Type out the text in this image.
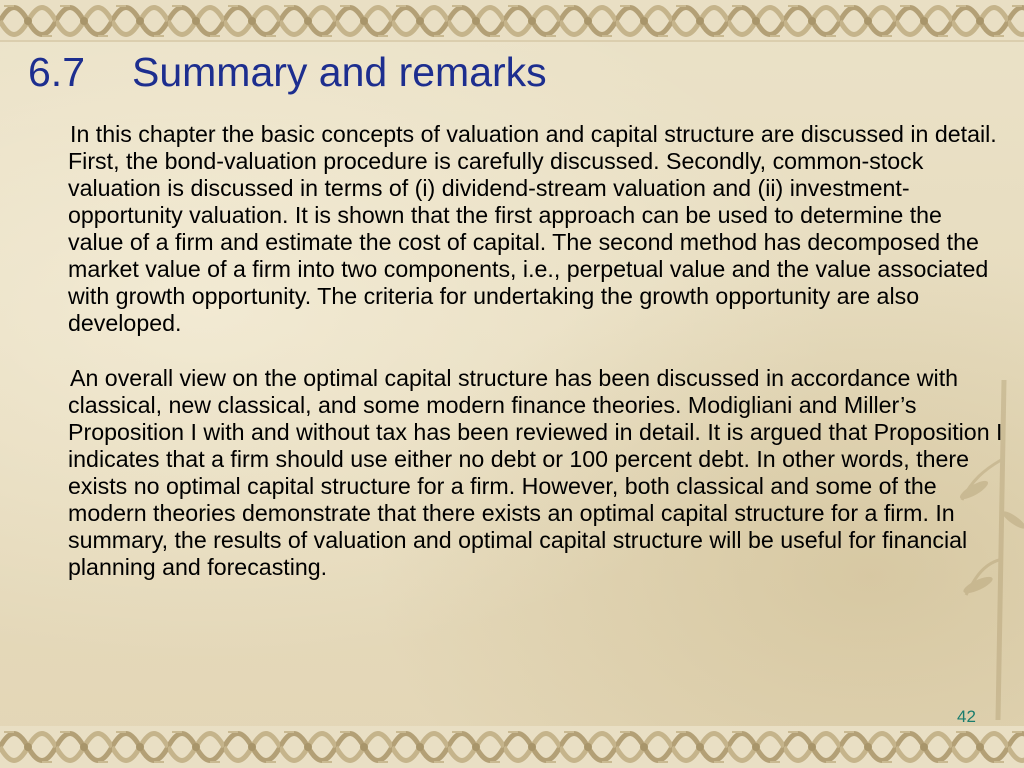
6.7 Summary and remarks

In this chapter the basic concepts of valuation and capital structure are discussed in detail. First, the bond-valuation procedure is carefully discussed. Secondly, common-stock valuation is discussed in terms of (i) dividend-stream valuation and (ii) investment-opportunity valuation. It is shown that the first approach can be used to determine the value of a firm and estimate the cost of capital. The second method has decomposed the market value of a firm into two components, i.e., perpetual value and the value associated with growth opportunity. The criteria for undertaking the growth opportunity are also developed.

An overall view on the optimal capital structure has been discussed in accordance with classical, new classical, and some modern finance theories. Modigliani and Miller’s Proposition I with and without tax has been reviewed in detail. It is argued that Proposition I indicates that a firm should use either no debt or 100 percent debt. In other words, there exists no optimal capital structure for a firm. However, both classical and some of the modern theories demonstrate that there exists an optimal capital structure for a firm. In summary, the results of valuation and optimal capital structure will be useful for financial planning and forecasting.

42
